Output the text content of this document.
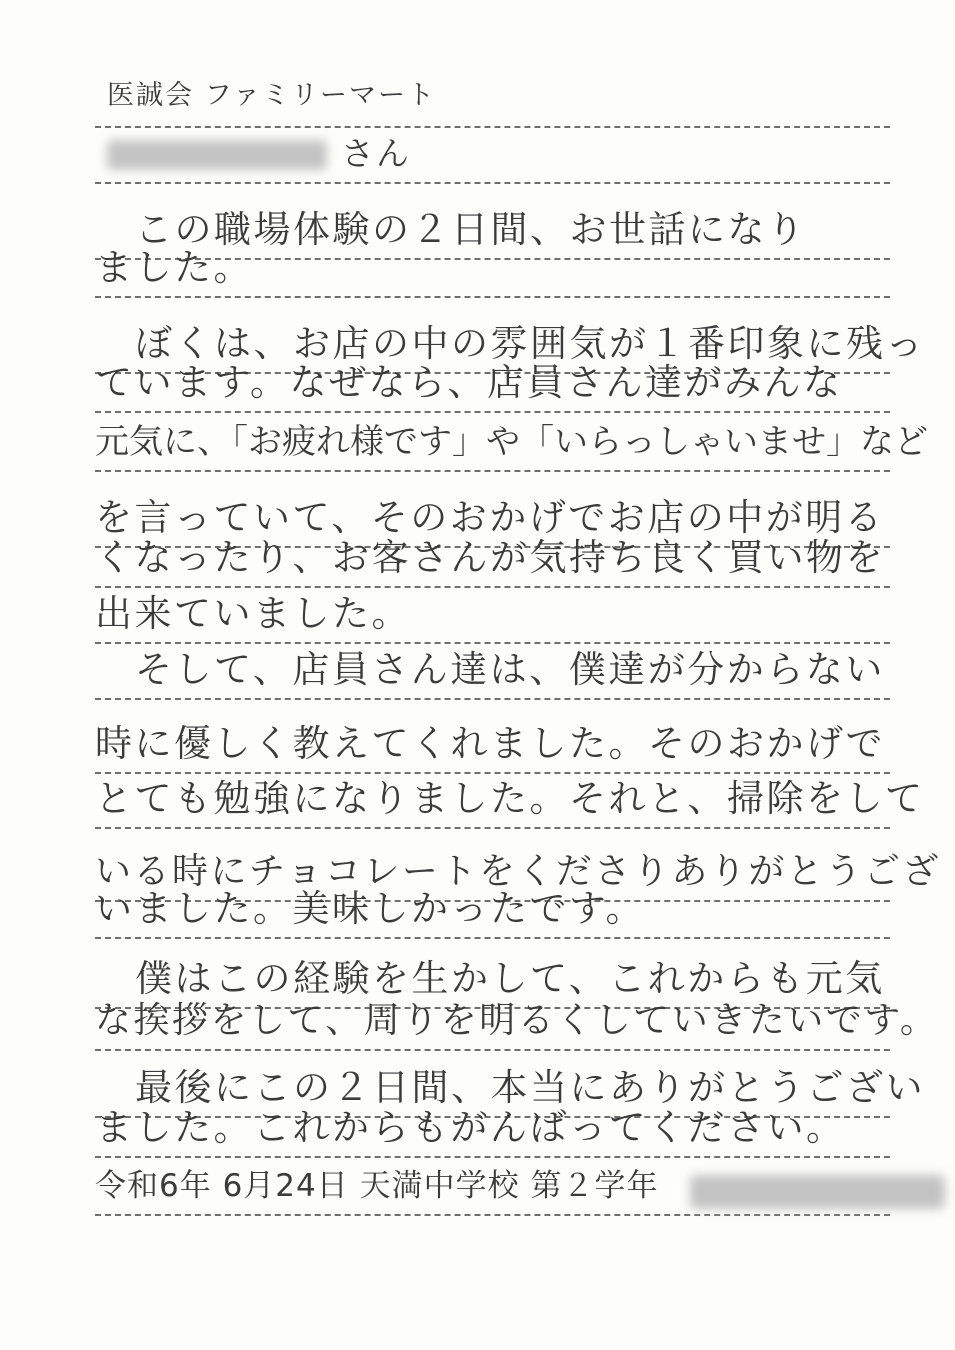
医誠会 ファミリーマート
さん
この職場体験の２日間、お世話になり
ました。
ぼくは、お店の中の雰囲気が１番印象に残っ
ています。なぜなら、店員さん達がみんな
元気に、「お疲れ様です」や「いらっしゃいませ」など
を言っていて、そのおかげでお店の中が明る
くなったり、お客さんが気持ち良く買い物を
出来ていました。
そして、店員さん達は、僕達が分からない
時に優しく教えてくれました。そのおかげで
とても勉強になりました。それと、掃除をして
いる時にチョコレートをくださりありがとうござ
いました。美味しかったです。
僕はこの経験を生かして、これからも元気
な挨拶をして、周りを明るくしていきたいです。
最後にこの２日間、本当にありがとうござい
ました。これからもがんばってください。
令和6年 6月24日 天満中学校 第２学年
